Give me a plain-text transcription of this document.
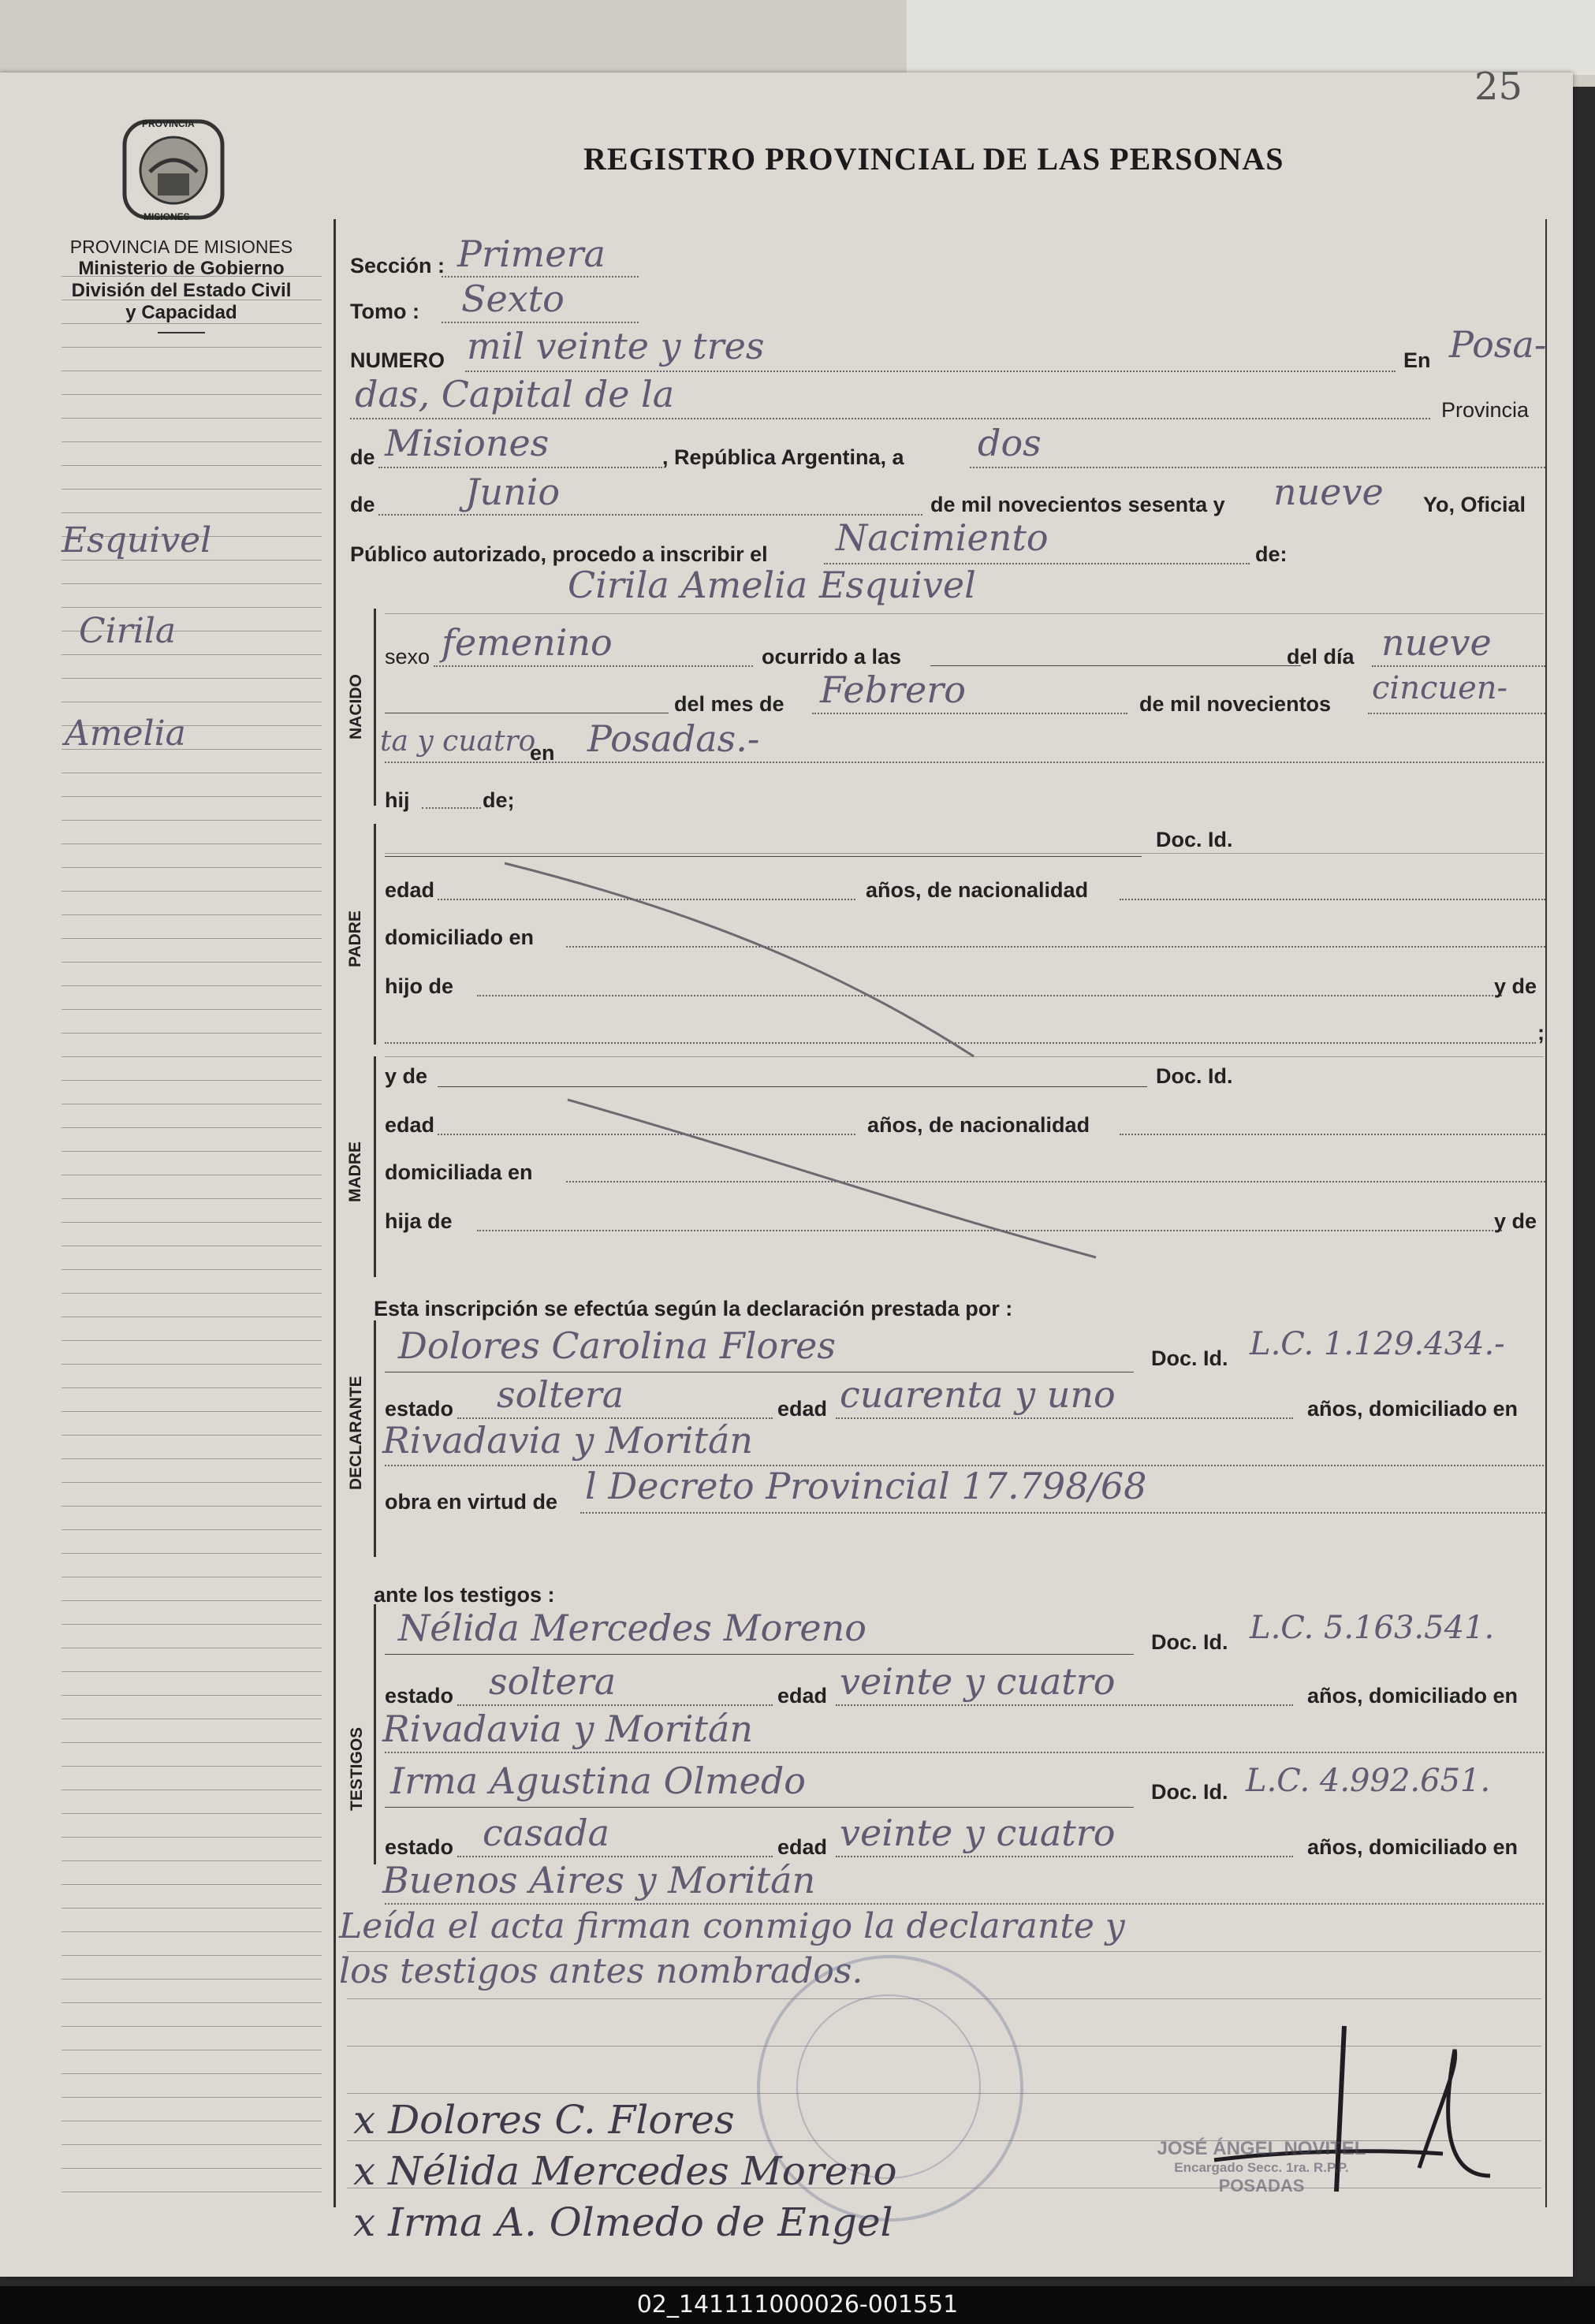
25
PROVINCIA
MISIONES
REGISTRO PROVINCIAL DE LAS PERSONAS
PROVINCIA DE MISIONES
Ministerio de Gobierno
División del Estado Civil
y Capacidad
Esquivel
Cirila
Amelia	NACIDO
PADRE
MADRE
DECLARANTE
TESTIGOS
Sección : Primera
Tomo : Sexto
NUMERO mil veinte y tres	En Posa-
das, Capital de la	Provincia
de Misiones	, República Argentina, a dos
de Junio	de mil novecientos sesenta y nueve Yo, Oficial
Público autorizado, procedo a inscribir el Nacimiento	de:
Cirila Amelia Esquivel
sexo femenino	ocurrido a las	del día nueve
del mes de Febrero	de mil novecientos cincuen-
ta y cuatro
en Posadas.-
hij	de;
Doc. Id.
edad	años, de nacionalidad
domiciliado en
hijo de	y de
;
y de	Doc. Id.
edad	años, de nacionalidad
domiciliada en
hija de	y de
Esta inscripción se efectúa según la declaración prestada por :
Dolores Carolina Flores	Doc. Id. L.C. 1.129.434.-
estado soltera	edad cuarenta y uno	años, domiciliado en
Rivadavia y Moritán
obra en virtud de l Decreto Provincial 17.798/68
ante los testigos :
Nélida Mercedes Moreno	Doc. Id. L.C. 5.163.541.
estado soltera	edad veinte y cuatro	años, domiciliado en
Rivadavia y Moritán
Irma Agustina Olmedo	Doc. Id. L.C. 4.992.651.
estado casada	edad veinte y cuatro	años, domiciliado en
Buenos Aires y Moritán
Leída el acta firman conmigo la declarante y
los testigos antes nombrados.
x Dolores C. Flores
x Nélida Mercedes Moreno
x Irma A. Olmedo de Engel
JOSÉ ÁNGEL NOVITEL
Encargado Secc. 1ra. R.P.P.
POSADAS
02_141111000026-001551
